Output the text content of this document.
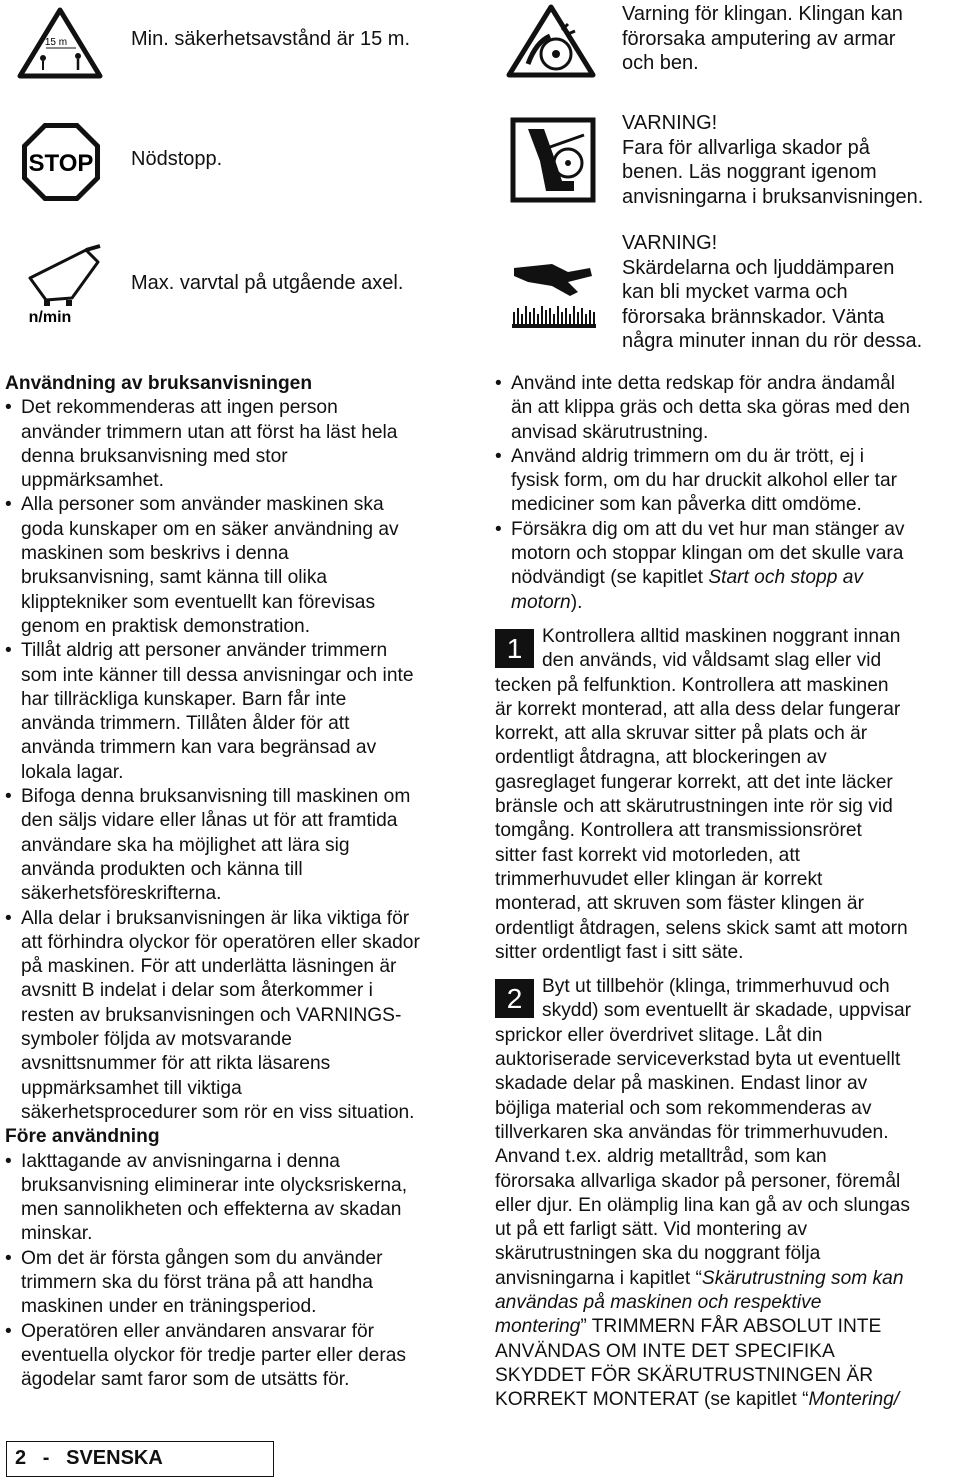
15 m	Min. säkerhetsavstånd är 15 m.
STOP Nödstopp.
n/min
Max. varvtal på utgående axel.
Varning för klingan. Klingan kan
förorsaka amputering av armar
och ben.
VARNING!
Fara för allvarliga skador på
benen. Läs noggrant igenom
anvisningarna i bruksanvisningen.
VARNING!
Skärdelarna och ljuddämparen
kan bli mycket varma och
förorsaka brännskador. Vänta
några minuter innan du rör dessa.
Användning av bruksanvisningen
• Det rekommenderas att ingen person
använder trimmern utan att först ha läst hela
denna bruksanvisning med stor
uppmärksamhet.
• Alla personer som använder maskinen ska
goda kunskaper om en säker användning av
maskinen som beskrivs i denna
bruksanvisning, samt känna till olika
klipptekniker som eventuellt kan förevisas
genom en praktisk demonstration.
• Tillåt aldrig att personer använder trimmern
som inte känner till dessa anvisningar och inte
har tillräckliga kunskaper. Barn får inte
använda trimmern. Tillåten ålder för att
använda trimmern kan vara begränsad av
lokala lagar.
• Bifoga denna bruksanvisning till maskinen om
den säljs vidare eller lånas ut för att framtida
användare ska ha möjlighet att lära sig
använda produkten och känna till
säkerhetsföreskrifterna.
• Alla delar i bruksanvisningen är lika viktiga för
att förhindra olyckor för operatören eller skador
på maskinen. För att underlätta läsningen är
avsnitt B indelat i delar som återkommer i
resten av bruksanvisningen och VARNINGS-
symboler följda av motsvarande
avsnittsnummer för att rikta läsarens
uppmärksamhet till viktiga
säkerhetsprocedurer som rör en viss situation.
Före användning
• Iakttagande av anvisningarna i denna
bruksanvisning eliminerar inte olycksriskerna,
men sannolikheten och effekterna av skadan
minskar.
• Om det är första gången som du använder
trimmern ska du först träna på att handha
maskinen under en träningsperiod.
• Operatören eller användaren ansvarar för
eventuella olyckor för tredje parter eller deras
ägodelar samt faror som de utsätts för.
• Använd inte detta redskap för andra ändamål
än att klippa gräs och detta ska göras med den
anvisad skärutrustning.
• Använd aldrig trimmern om du är trött, ej i
fysisk form, om du har druckit alkohol eller tar
mediciner som kan påverka ditt omdöme.
• Försäkra dig om att du vet hur man stänger av
motorn och stoppar klingan om det skulle vara
nödvändigt (se kapitlet Start och stopp av
motorn).
1	Kontrollera alltid maskinen noggrant innan
den används, vid våldsamt slag eller vid
tecken på felfunktion. Kontrollera att maskinen
är korrekt monterad, att alla dess delar fungerar
korrekt, att alla skruvar sitter på plats och är
ordentligt åtdragna, att blockeringen av
gasreglaget fungerar korrekt, att det inte läcker
bränsle och att skärutrustningen inte rör sig vid
tomgång. Kontrollera att transmissionsröret
sitter fast korrekt vid motorleden, att
trimmerhuvudet eller klingan är korrekt
monterad, att skruven som fäster klingen är
ordentligt åtdragen, selens skick samt att motorn
sitter ordentligt fast i sitt säte.
2	Byt ut tillbehör (klinga, trimmerhuvud och
skydd) som eventuellt är skadade, uppvisar
sprickor eller överdrivet slitage. Låt din
auktoriserade serviceverkstad byta ut eventuellt
skadade delar på maskinen. Endast linor av
böjliga material och som rekommenderas av
tillverkaren ska användas för trimmerhuvuden.
Anvand t.ex. aldrig metalltråd, som kan
förorsaka allvarliga skador på personer, föremål
eller djur. En olämplig lina kan gå av och slungas
ut på ett farligt sätt. Vid montering av
skärutrustningen ska du noggrant följa
anvisningarna i kapitlet “Skärutrustning som kan
användas på maskinen och respektive
montering” TRIMMERN FÅR ABSOLUT INTE
ANVÄNDAS OM INTE DET SPECIFIKA
SKYDDET FÖR SKÄRUTRUSTNINGEN ÄR
KORREKT MONTERAT (se kapitlet “Montering/
2   -   SVENSKA
